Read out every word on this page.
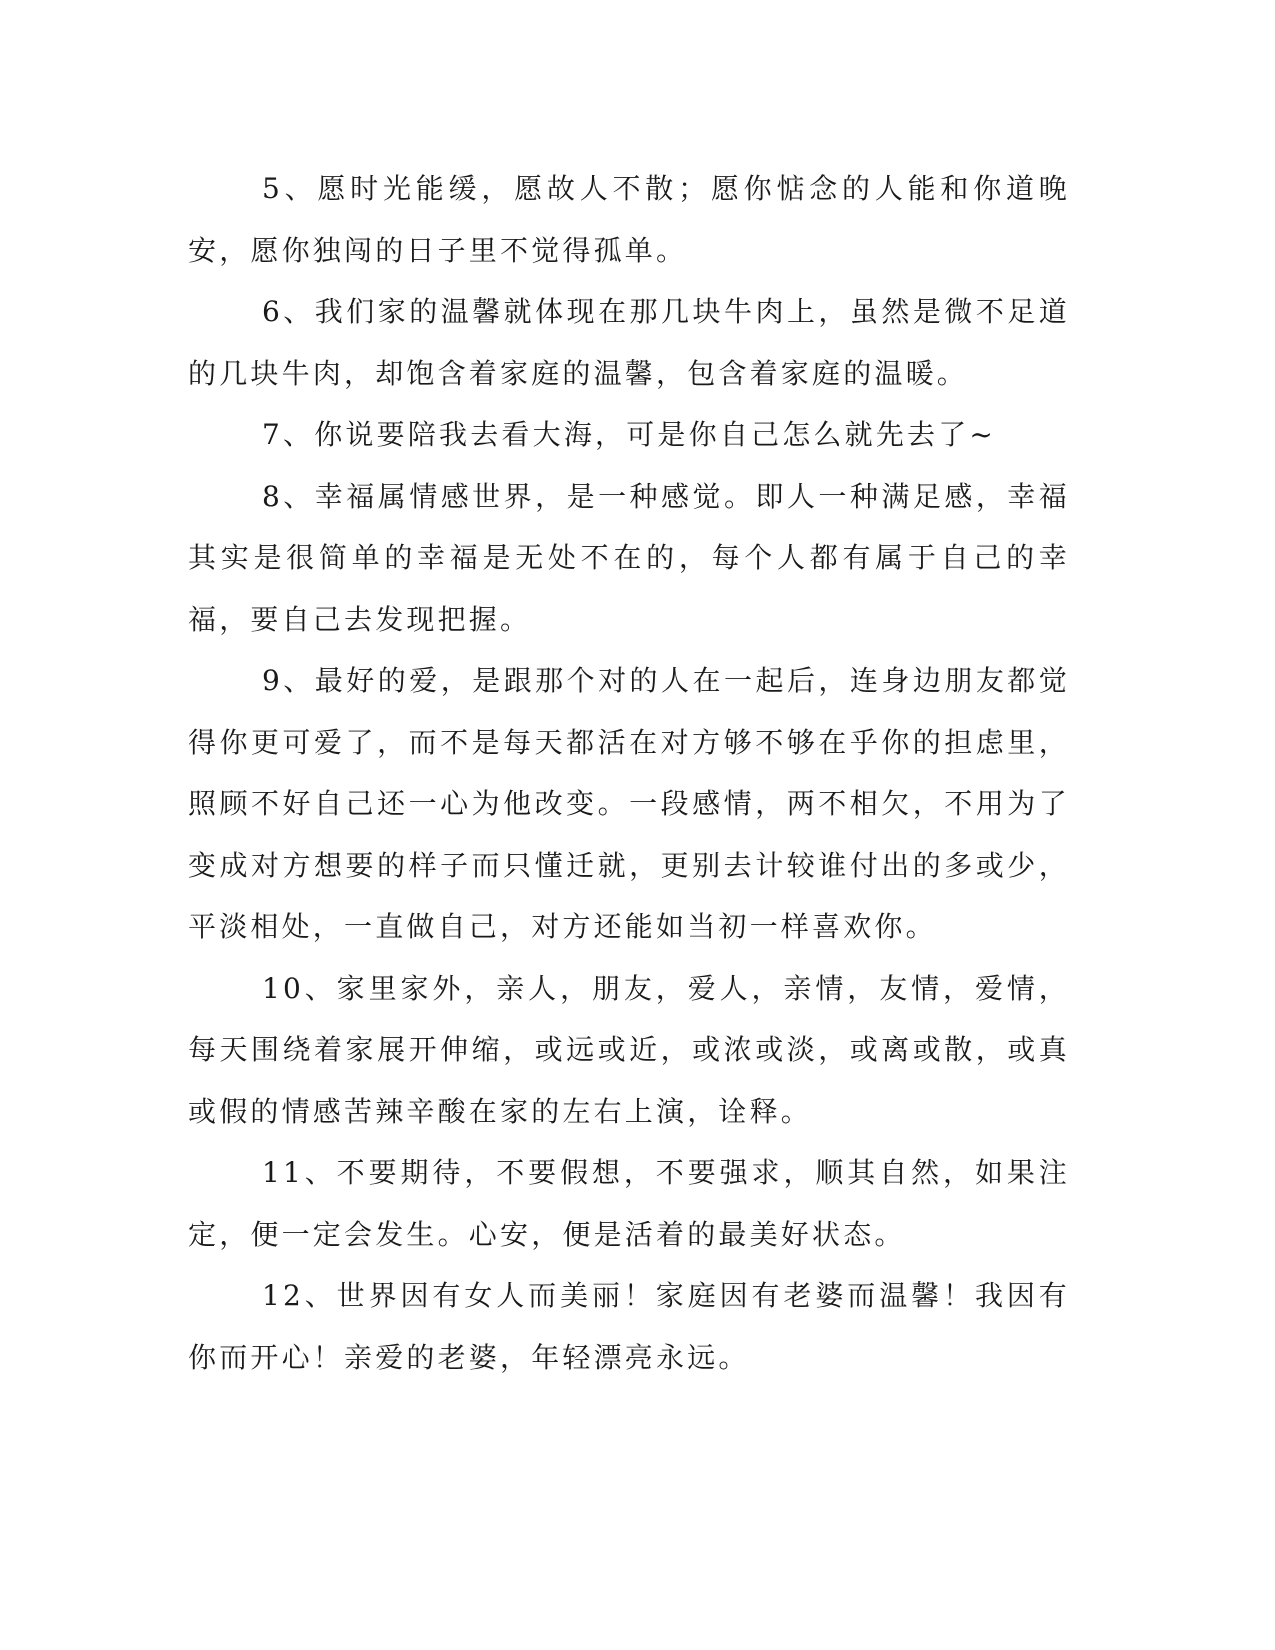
5、愿时光能缓，愿故人不散；愿你惦念的人能和你道晚安，愿你独闯的日子里不觉得孤单。

6、我们家的温馨就体现在那几块牛肉上，虽然是微不足道的几块牛肉，却饱含着家庭的温馨，包含着家庭的温暖。

7、你说要陪我去看大海，可是你自己怎么就先去了~

8、幸福属情感世界，是一种感觉。即人一种满足感，幸福其实是很简单的幸福是无处不在的，每个人都有属于自己的幸福，要自己去发现把握。

9、最好的爱，是跟那个对的人在一起后，连身边朋友都觉得你更可爱了，而不是每天都活在对方够不够在乎你的担虑里，照顾不好自己还一心为他改变。一段感情，两不相欠，不用为了变成对方想要的样子而只懂迁就，更别去计较谁付出的多或少，平淡相处，一直做自己，对方还能如当初一样喜欢你。

10、家里家外，亲人，朋友，爱人，亲情，友情，爱情，每天围绕着家展开伸缩，或远或近，或浓或淡，或离或散，或真或假的情感苦辣辛酸在家的左右上演，诠释。

11、不要期待，不要假想，不要强求，顺其自然，如果注定，便一定会发生。心安，便是活着的最美好状态。

12、世界因有女人而美丽！家庭因有老婆而温馨！我因有你而开心！亲爱的老婆，年轻漂亮永远。
